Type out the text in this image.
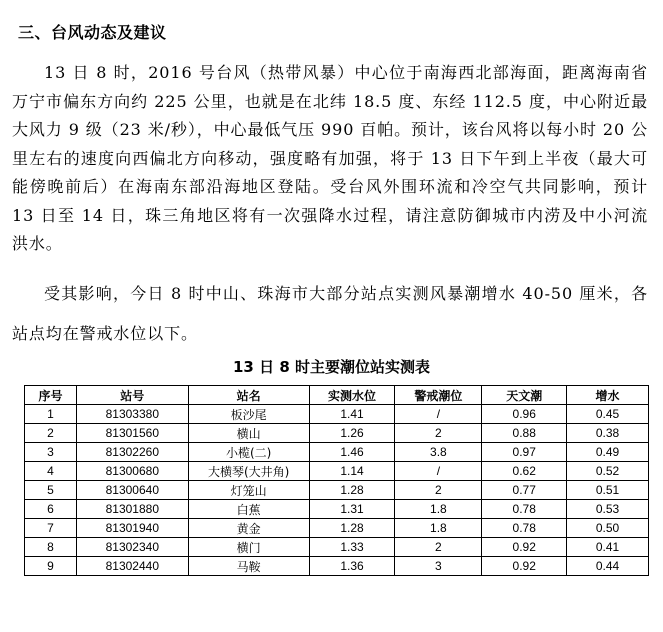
三、台风动态及建议
13 日 8 时，2016 号台风（热带风暴）中心位于南海西北部海面，距离海南省万宁市偏东方向约 225 公里，也就是在北纬 18.5 度、东经 112.5 度，中心附近最大风力 9 级（23 米/秒），中心最低气压 990 百帕。预计，该台风将以每小时 20 公里左右的速度向西偏北方向移动，强度略有加强，将于 13 日下午到上半夜（最大可能傍晚前后）在海南东部沿海地区登陆。受台风外围环流和冷空气共同影响，预计 13 日至 14 日，珠三角地区将有一次强降水过程，请注意防御城市内涝及中小河流洪水。
受其影响，今日 8 时中山、珠海市大部分站点实测风暴潮增水 40-50 厘米，各站点均在警戒水位以下。
13 日 8 时主要潮位站实测表
序号	站号	站名	实测水位	警戒潮位	天文潮	增水
1	81303380	板沙尾	1.41	/	0.96	0.45
2	81301560	横山	1.26	2	0.88	0.38
3	81302260	小榄(二)	1.46	3.8	0.97	0.49
4	81300680	大横琴(大井角)	1.14	/	0.62	0.52
5	81300640	灯笼山	1.28	2	0.77	0.51
6	81301880	白蕉	1.31	1.8	0.78	0.53
7	81301940	黄金	1.28	1.8	0.78	0.50
8	81302340	横门	1.33	2	0.92	0.41
9	81302440	马鞍	1.36	3	0.92	0.44
